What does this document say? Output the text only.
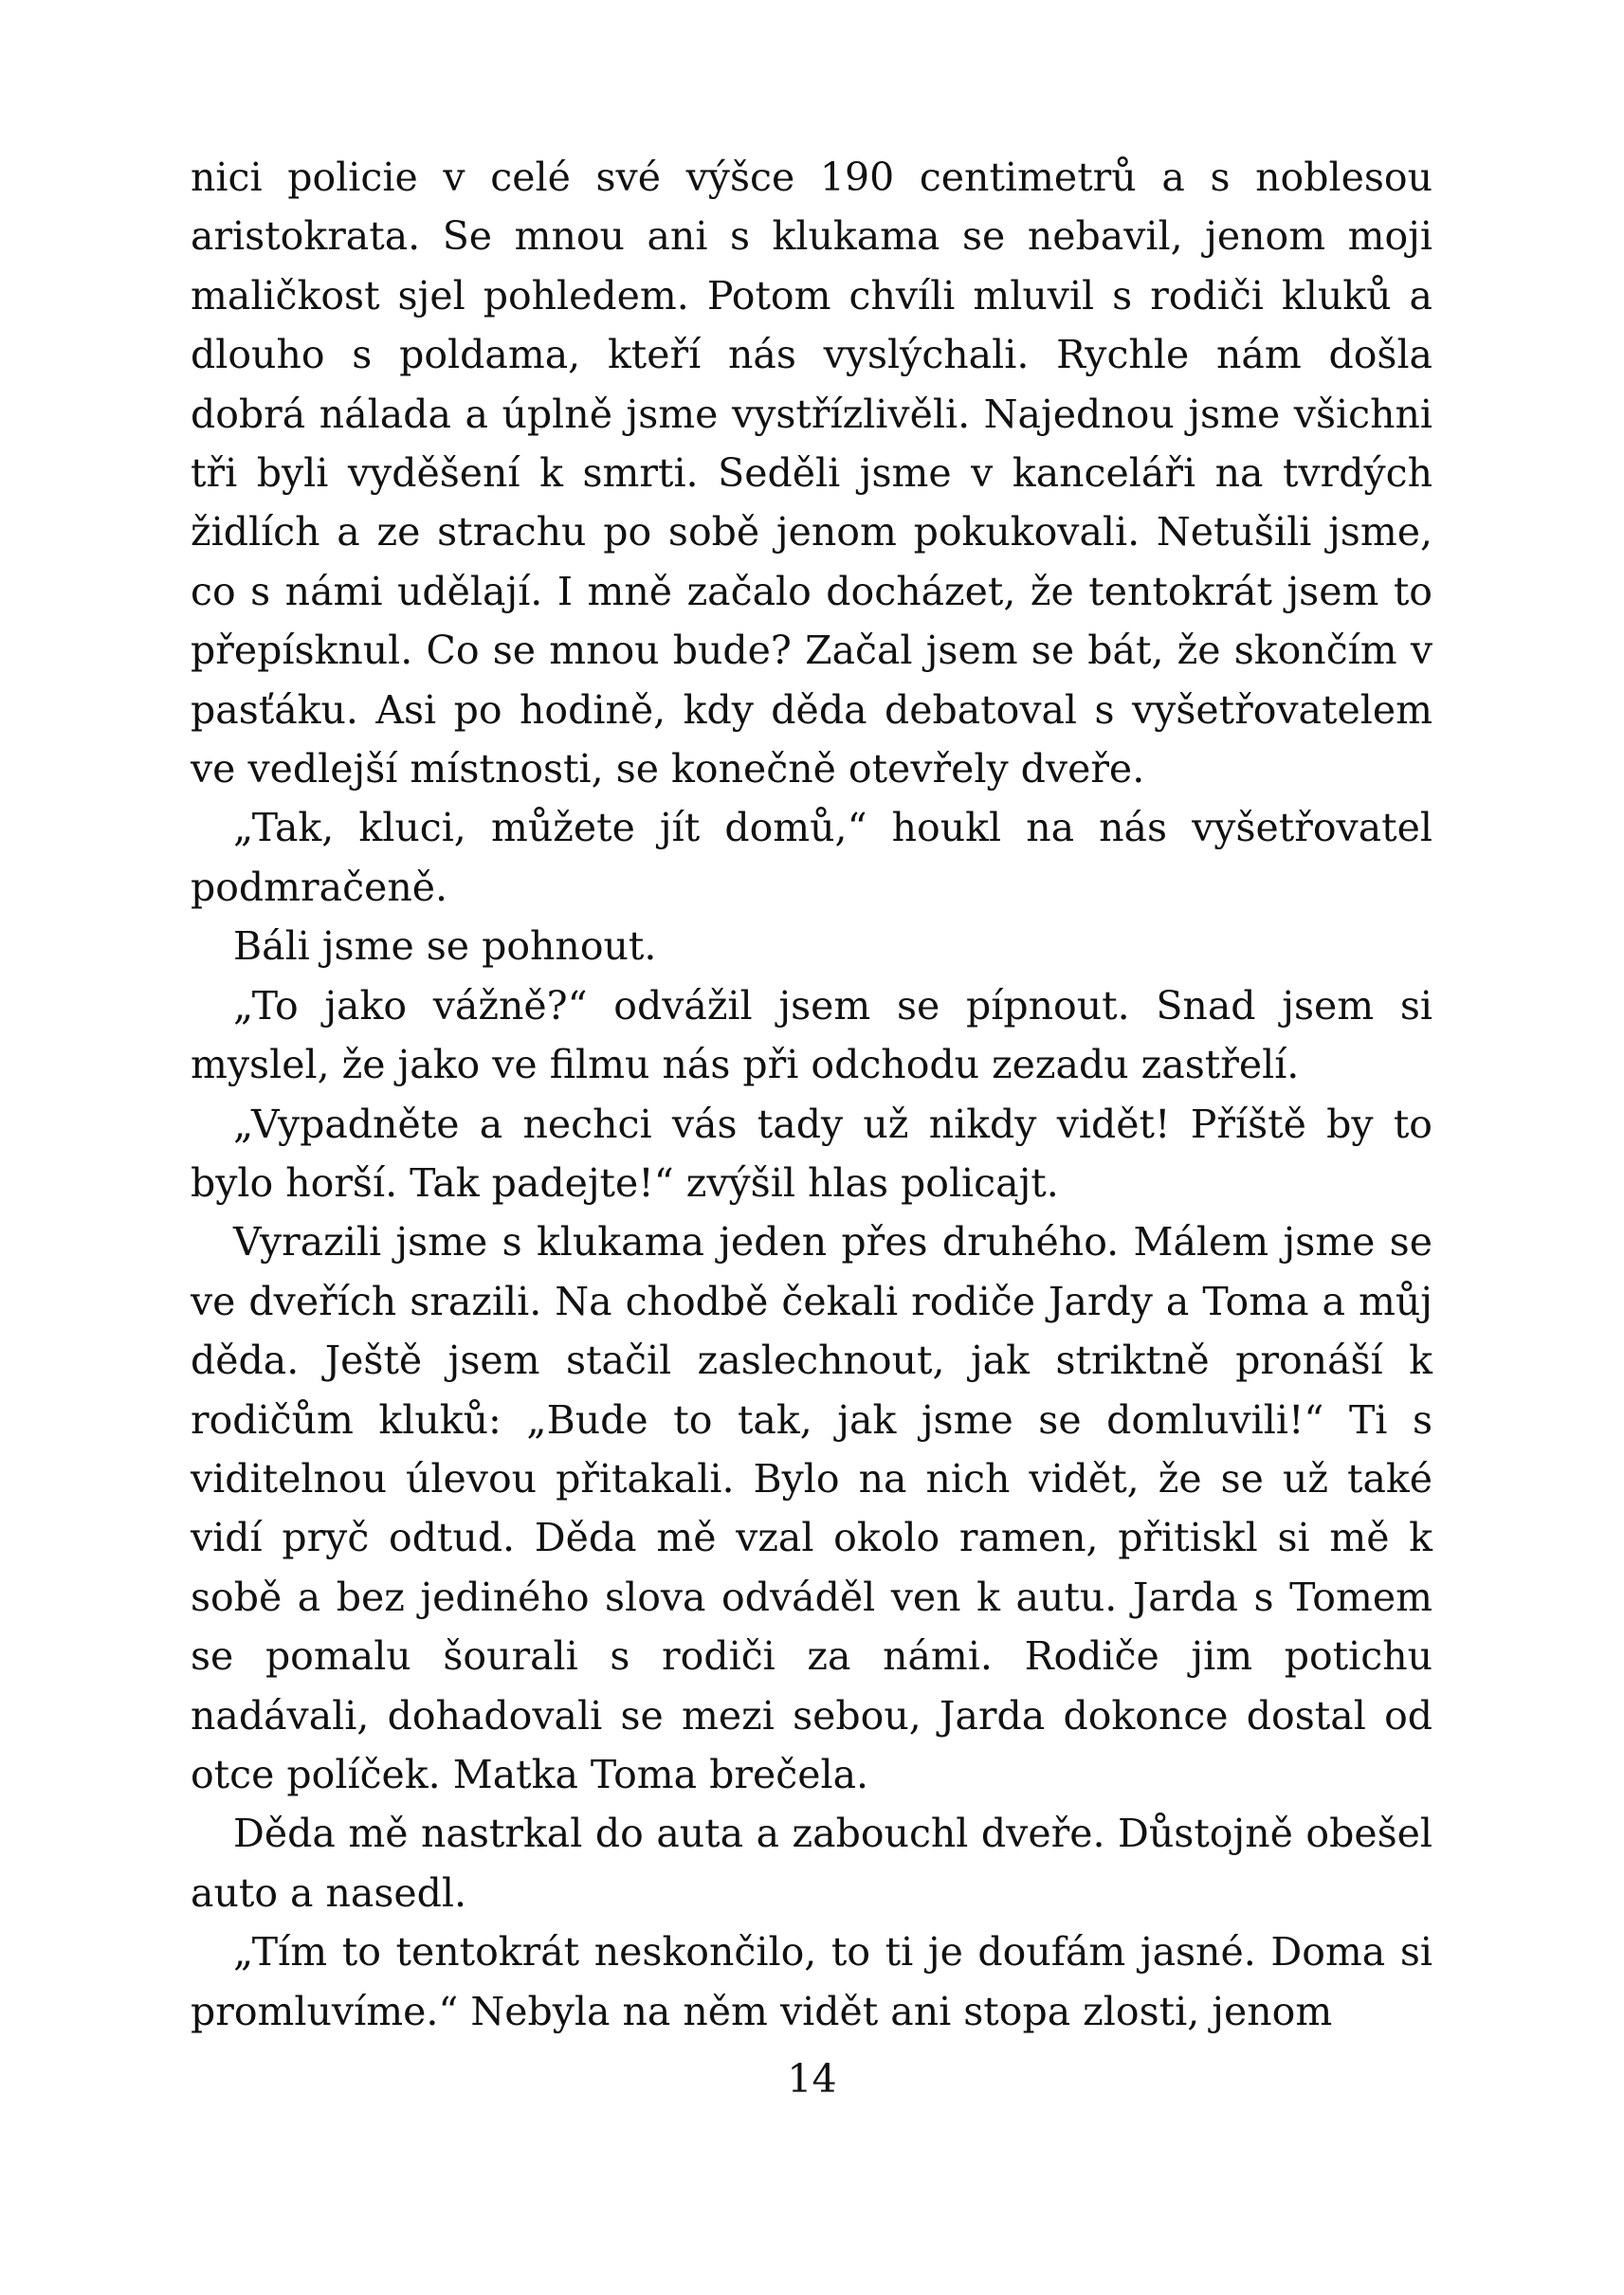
nici policie v celé své výšce 190 centimetrů a s noblesou aristokrata. Se mnou ani s klukama se nebavil, jenom moji maličkost sjel pohledem. Potom chvíli mluvil s rodiči kluků a dlouho s poldama, kteří nás vyslýchali. Rychle nám došla dobrá nálada a úplně jsme vystřízlivěli. Najednou jsme všichni tři byli vyděšení k smrti. Seděli jsme v kanceláři na tvrdých židlích a ze strachu po sobě jenom pokukovali. Netušili jsme, co s námi udělají. I mně začalo docházet, že tentokrát jsem to přepísknul. Co se mnou bude? Začal jsem se bát, že skončím v pasťáku. Asi po hodině, kdy děda debatoval s vyšetřovatelem ve vedlejší místnosti, se konečně otevřely dveře.

„Tak, kluci, můžete jít domů,“ houkl na nás vyšetřovatel podmračeně.

Báli jsme se pohnout.

„To jako vážně?“ odvážil jsem se pípnout. Snad jsem si myslel, že jako ve filmu nás při odchodu zezadu zastřelí.

„Vypadněte a nechci vás tady už nikdy vidět! Příště by to bylo horší. Tak padejte!“ zvýšil hlas policajt.

Vyrazili jsme s klukama jeden přes druhého. Málem jsme se ve dveřích srazili. Na chodbě čekali rodiče Jardy a Toma a můj děda. Ještě jsem stačil zaslechnout, jak striktně pronáší k rodičům kluků: „Bude to tak, jak jsme se domluvili!“ Ti s viditelnou úlevou přitakali. Bylo na nich vidět, že se už také vidí pryč odtud. Děda mě vzal okolo ramen, přitiskl si mě k sobě a bez jediného slova odváděl ven k autu. Jarda s Tomem se pomalu šourali s rodiči za námi. Rodiče jim potichu nadávali, dohadovali se mezi sebou, Jarda dokonce dostal od otce políček. Matka Toma brečela.

Děda mě nastrkal do auta a zabouchl dveře. Důstojně obešel auto a nasedl.

„Tím to tentokrát neskončilo, to ti je doufám jasné. Doma si promluvíme.“ Nebyla na něm vidět ani stopa zlosti, jenom

14
